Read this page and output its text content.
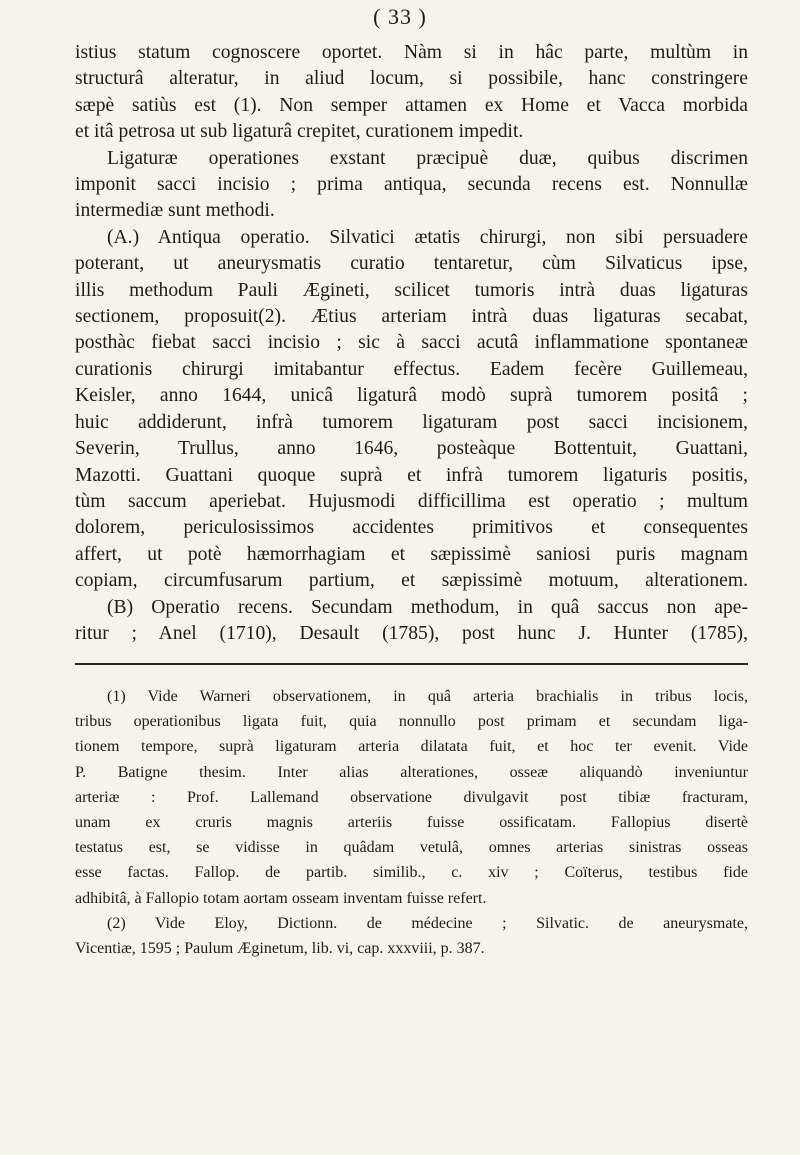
( 33 )
istius statum cognoscere oportet. Nàm si in hâc parte, multùm in
structurâ alteratur, in aliud locum, si possibile, hanc constringere
sæpè satiùs est (1). Non semper attamen ex Home et Vacca morbida
et itâ petrosa ut sub ligaturâ crepitet, curationem impedit.
Ligaturæ operationes exstant præcipuè duæ, quibus discrimen
imponit sacci incisio ; prima antiqua, secunda recens est. Nonnullæ
intermediæ sunt methodi.
(A.) Antiqua operatio. Silvatici ætatis chirurgi, non sibi persuadere
poterant, ut aneurysmatis curatio tentaretur, cùm Silvaticus ipse,
illis methodum Pauli Ægineti, scilicet tumoris intrà duas ligaturas
sectionem, proposuit(2). Ætius arteriam intrà duas ligaturas secabat,
posthàc fiebat sacci incisio ; sic à sacci acutâ inflammatione spontaneæ
curationis chirurgi imitabantur effectus. Eadem fecère Guillemeau,
Keisler, anno 1644, unicâ ligaturâ modò suprà tumorem positâ ;
huic addiderunt, infrà tumorem ligaturam post sacci incisionem,
Severin, Trullus, anno 1646, posteàque Bottentuit, Guattani,
Mazotti. Guattani quoque suprà et infrà tumorem ligaturis positis,
tùm saccum aperiebat. Hujusmodi difficillima est operatio ; multum
dolorem, periculosissimos accidentes primitivos et consequentes
affert, ut potè hæmorrhagiam et sæpissimè saniosi puris magnam
copiam, circumfusarum partium, et sæpissimè motuum, alterationem.
(B) Operatio recens. Secundam methodum, in quâ saccus non ape-
ritur ; Anel (1710), Desault (1785), post hunc J. Hunter (1785),
(1) Vide Warneri observationem, in quâ arteria brachialis in tribus locis,
tribus operationibus ligata fuit, quia nonnullo post primam et secundam liga-
tionem tempore, suprà ligaturam arteria dilatata fuit, et hoc ter evenit. Vide
P. Batigne thesim. Inter alias alterationes, osseæ aliquandò inveniuntur
arteriæ : Prof. Lallemand observatione divulgavit post tibiæ fracturam,
unam ex cruris magnis arteriis fuisse ossificatam. Fallopius disertè
testatus est, se vidisse in quâdam vetulâ, omnes arterias sinistras osseas
esse factas. Fallop. de partib. similib., c. xiv ; Coïterus, testibus fide
adhibitâ, à Fallopio totam aortam osseam inventam fuisse refert.
(2) Vide Eloy, Dictionn. de médecine ; Silvatic. de aneurysmate,
Vicentiæ, 1595 ; Paulum Æginetum, lib. vi, cap. xxxviii, p. 387.
